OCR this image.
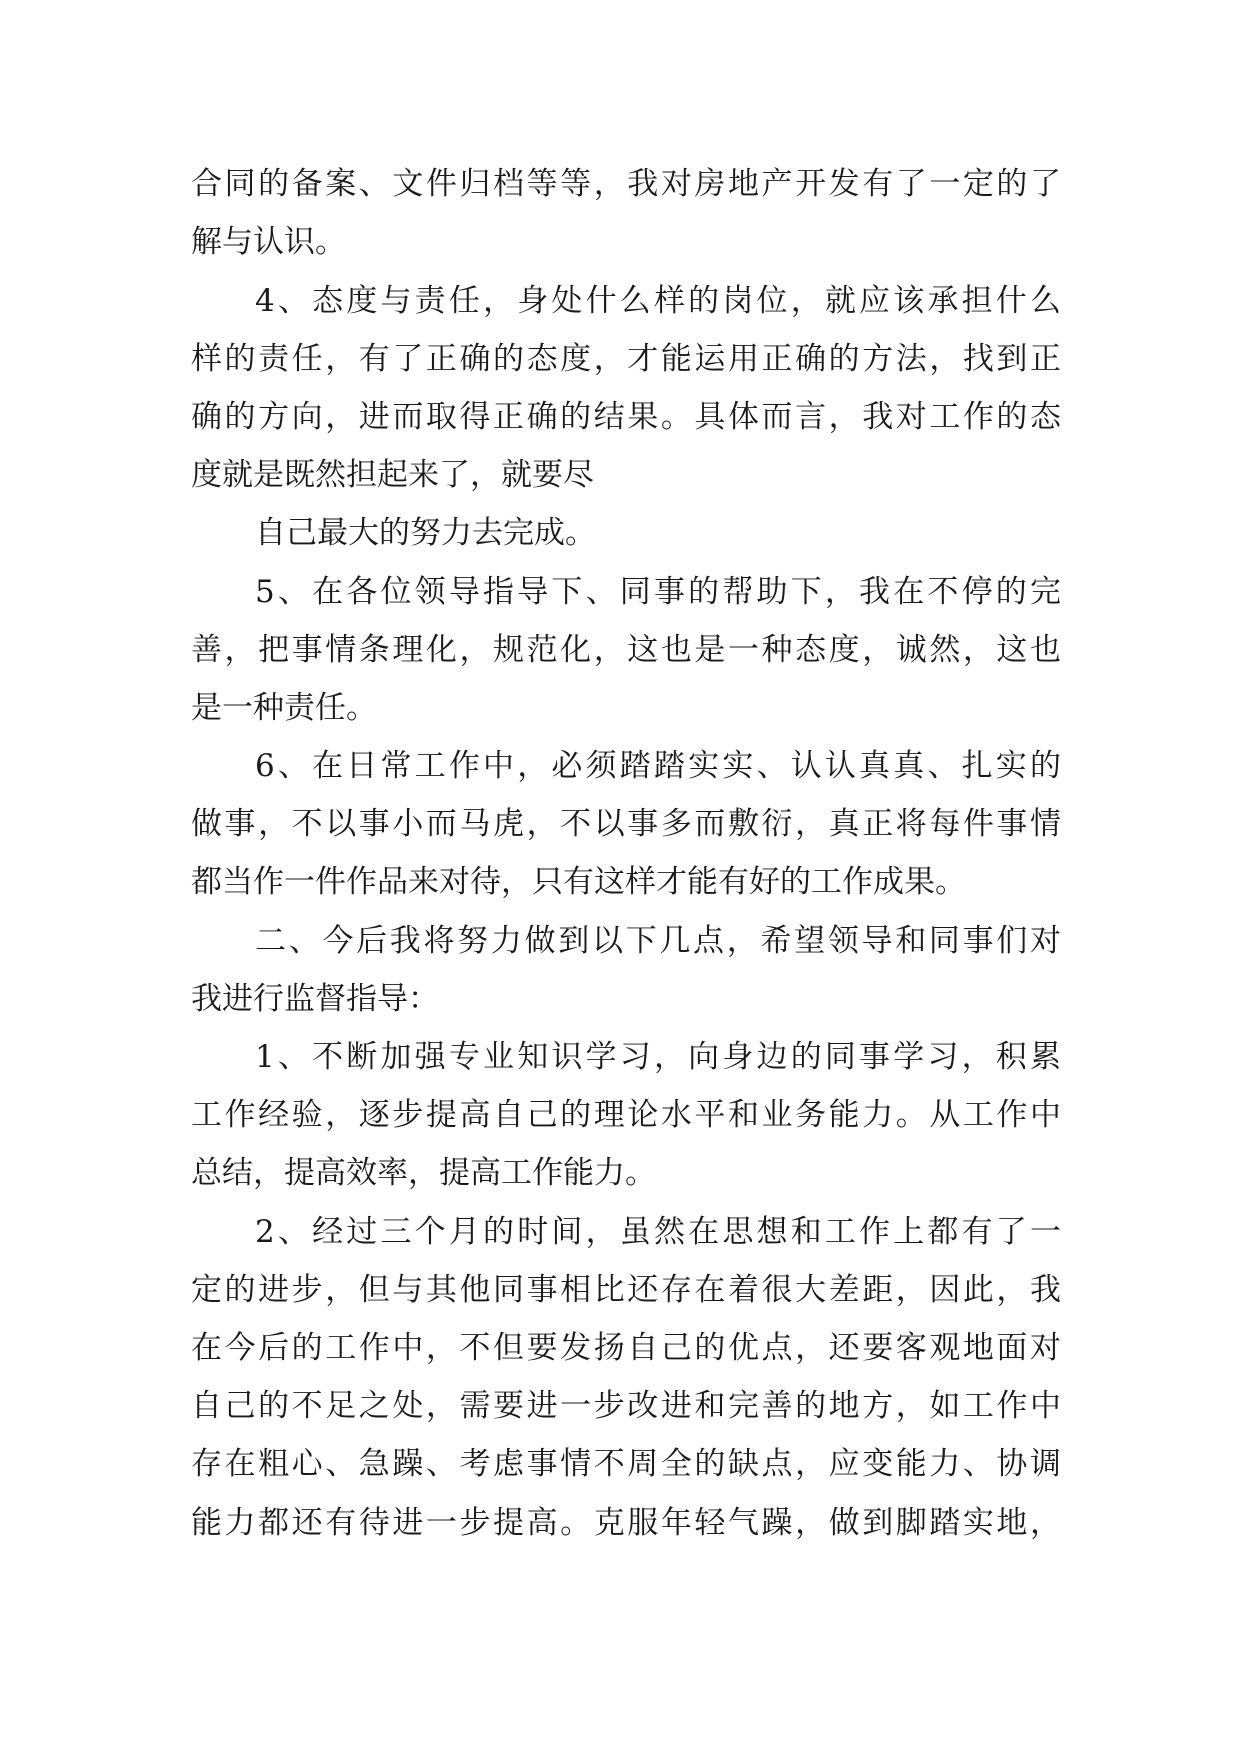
合同的备案、文件归档等等，我对房地产开发有了一定的了
解与认识。
4、态度与责任，身处什么样的岗位，就应该承担什么
样的责任，有了正确的态度，才能运用正确的方法，找到正
确的方向，进而取得正确的结果。具体而言，我对工作的态
度就是既然担起来了，就要尽
自己最大的努力去完成。
5、在各位领导指导下、同事的帮助下，我在不停的完
善，把事情条理化，规范化，这也是一种态度，诚然，这也
是一种责任。
6、在日常工作中，必须踏踏实实、认认真真、扎实的
做事，不以事小而马虎，不以事多而敷衍，真正将每件事情
都当作一件作品来对待，只有这样才能有好的工作成果。
二、今后我将努力做到以下几点，希望领导和同事们对
我进行监督指导：
1、不断加强专业知识学习，向身边的同事学习，积累
工作经验，逐步提高自己的理论水平和业务能力。从工作中
总结，提高效率，提高工作能力。
2、经过三个月的时间，虽然在思想和工作上都有了一
定的进步，但与其他同事相比还存在着很大差距，因此，我
在今后的工作中，不但要发扬自己的优点，还要客观地面对
自己的不足之处，需要进一步改进和完善的地方，如工作中
存在粗心、急躁、考虑事情不周全的缺点，应变能力、协调
能力都还有待进一步提高。克服年轻气躁，做到脚踏实地，
